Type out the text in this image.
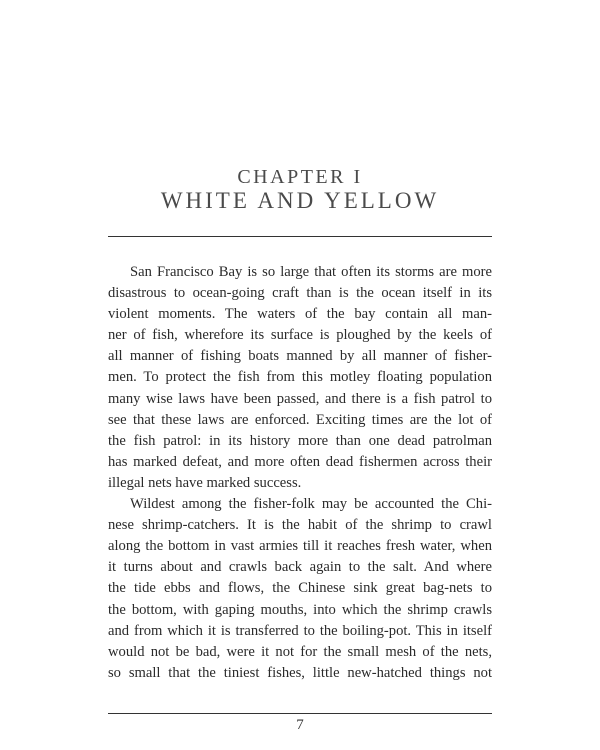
CHAPTER I
WHITE AND YELLOW
San Francisco Bay is so large that often its storms are more
disastrous to ocean-going craft than is the ocean itself in its
violent moments. The waters of the bay contain all man-
ner of fish, wherefore its surface is ploughed by the keels of
all manner of fishing boats manned by all manner of fisher-
men. To protect the fish from this motley floating population
many wise laws have been passed, and there is a fish patrol to
see that these laws are enforced. Exciting times are the lot of
the fish patrol: in its history more than one dead patrolman
has marked defeat, and more often dead fishermen across their
illegal nets have marked success.
Wildest among the fisher-folk may be accounted the Chi-
nese shrimp-catchers. It is the habit of the shrimp to crawl
along the bottom in vast armies till it reaches fresh water, when
it turns about and crawls back again to the salt. And where
the tide ebbs and flows, the Chinese sink great bag-nets to
the bottom, with gaping mouths, into which the shrimp crawls
and from which it is transferred to the boiling-pot. This in itself
would not be bad, were it not for the small mesh of the nets,
so small that the tiniest fishes, little new-hatched things not
7
